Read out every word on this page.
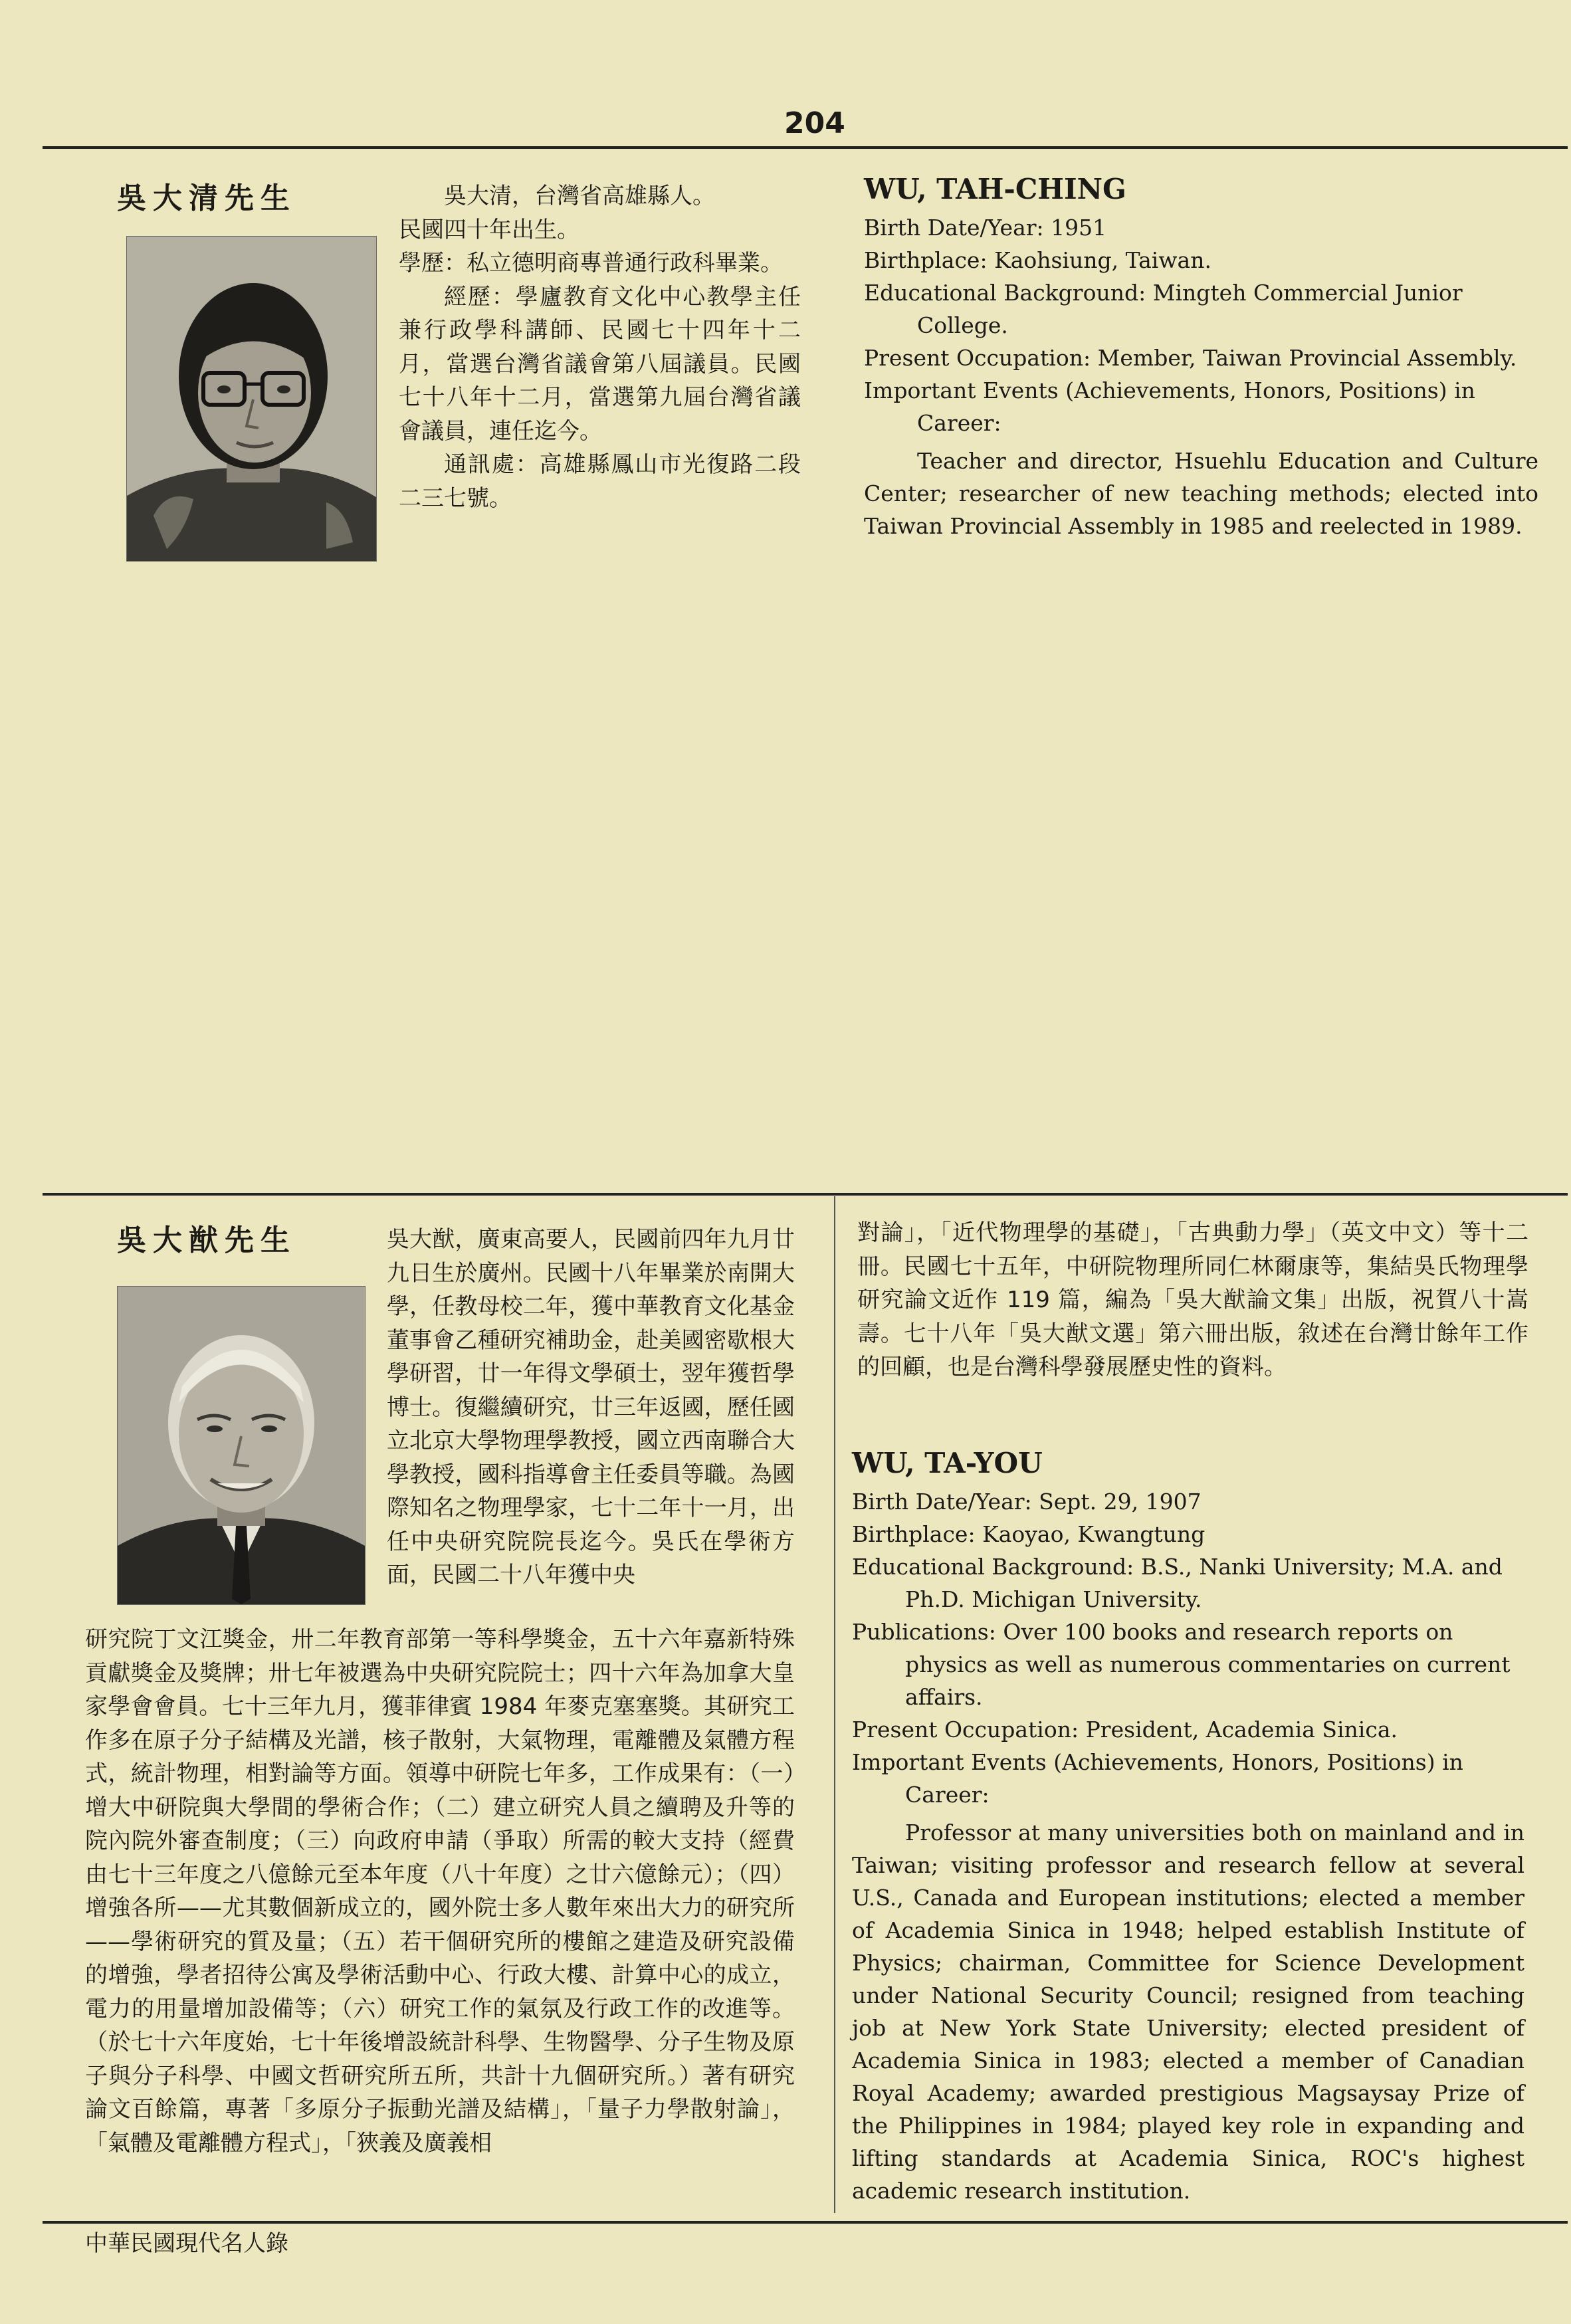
204
吳大清先生	吳大清，台灣省高雄縣人。

民國四十年出生。

學歷：私立德明商專普通行政科畢業。

經歷：學廬教育文化中心教學主任兼行政學科講師、民國七十四年十二月，當選台灣省議會第八屆議員。民國七十八年十二月，當選第九屆台灣省議會議員，連任迄今。

通訊處：高雄縣鳳山市光復路二段二三七號。

WU, TAH-CHING

Birth Date/Year: 1951

Birthplace: Kaohsiung, Taiwan.

Educational Background: Mingteh Commercial Junior College.

Present Occupation: Member, Taiwan Provincial Assembly.

Important Events (Achievements, Honors, Positions) in Career:

Teacher and director, Hsuehlu Education and Culture Center; researcher of new teaching methods; elected into Taiwan Provincial Assembly in 1985 and reelected in 1989.

吳大猷先生	吳大猷，廣東高要人，民國前四年九月廿九日生於廣州。民國十八年畢業於南開大學，任教母校二年，獲中華教育文化基金董事會乙種研究補助金，赴美國密歇根大學研習，廿一年得文學碩士，翌年獲哲學博士。復繼續研究，廿三年返國，歷任國立北京大學物理學教授，國立西南聯合大學教授，國科指導會主任委員等職。為國際知名之物理學家，七十二年十一月，出任中央研究院院長迄今。吳氏在學術方面，民國二十八年獲中央
研究院丁文江獎金，卅二年教育部第一等科學獎金，五十六年嘉新特殊貢獻獎金及獎牌；卅七年被選為中央研究院院士；四十六年為加拿大皇家學會會員。七十三年九月，獲菲律賓 1984 年麥克塞塞獎。其研究工作多在原子分子結構及光譜，核子散射，大氣物理，電離體及氣體方程式，統計物理，相對論等方面。領導中研院七年多，工作成果有：（一）增大中研院與大學間的學術合作；（二）建立研究人員之續聘及升等的院內院外審查制度；（三）向政府申請（爭取）所需的較大支持（經費由七十三年度之八億餘元至本年度（八十年度）之廿六億餘元）；（四）增強各所——尤其數個新成立的，國外院士多人數年來出大力的研究所——學術研究的質及量；（五）若干個研究所的樓館之建造及研究設備的增強，學者招待公寓及學術活動中心、行政大樓、計算中心的成立，電力的用量增加設備等；（六）研究工作的氣氛及行政工作的改進等。（於七十六年度始，七十年後增設統計科學、生物醫學、分子生物及原子與分子科學、中國文哲研究所五所，共計十九個研究所。）著有研究論文百餘篇，專著「多原分子振動光譜及結構」，「量子力學散射論」，「氣體及電離體方程式」，「狹義及廣義相
對論」，「近代物理學的基礎」，「古典動力學」（英文中文）等十二冊。民國七十五年，中研院物理所同仁林爾康等，集結吳氏物理學研究論文近作 119 篇，編為「吳大猷論文集」出版，祝賀八十嵩壽。七十八年「吳大猷文選」第六冊出版，敘述在台灣廿餘年工作的回顧，也是台灣科學發展歷史性的資料。
WU, TA-YOU

Birth Date/Year: Sept. 29, 1907

Birthplace: Kaoyao, Kwangtung

Educational Background: B.S., Nanki University; M.A. and Ph.D. Michigan University.

Publications: Over 100 books and research reports on physics as well as numerous commentaries on current affairs.

Present Occupation: President, Academia Sinica.

Important Events (Achievements, Honors, Positions) in Career:

Professor at many universities both on mainland and in Taiwan; visiting professor and research fellow at several U.S., Canada and European institutions; elected a member of Academia Sinica in 1948; helped establish Institute of Physics; chairman, Committee for Science Development under National Security Council; resigned from teaching job at New York State University; elected president of Academia Sinica in 1983; elected a member of Canadian Royal Academy; awarded prestigious Magsaysay Prize of the Philippines in 1984; played key role in expanding and lifting standards at Academia Sinica, ROC's highest academic research institution.

中華民國現代名人錄
